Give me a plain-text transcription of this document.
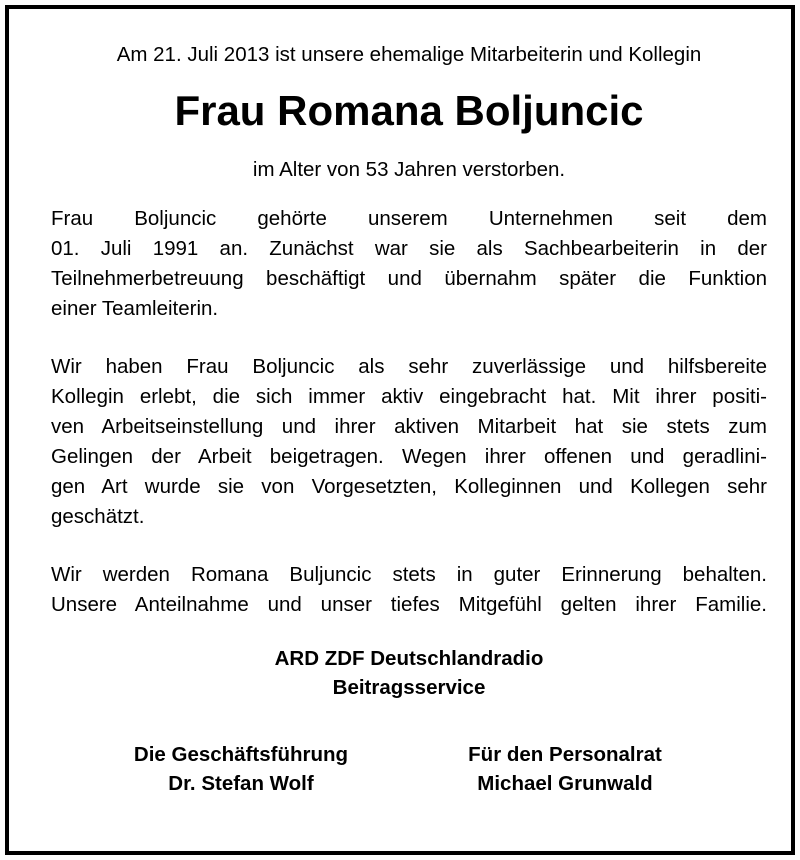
Am 21. Juli 2013 ist unsere ehemalige Mitarbeiterin und Kollegin
Frau Romana Boljuncic
im Alter von 53 Jahren verstorben.
Frau Boljuncic gehörte unserem Unternehmen seit dem
01. Juli 1991 an. Zunächst war sie als Sachbearbeiterin in der
Teilnehmerbetreuung beschäftigt und übernahm später die Funktion
einer Teamleiterin.
Wir haben Frau Boljuncic als sehr zuverlässige und hilfsbereite
Kollegin erlebt, die sich immer aktiv eingebracht hat. Mit ihrer positi-
ven Arbeitseinstellung und ihrer aktiven Mitarbeit hat sie stets zum
Gelingen der Arbeit beigetragen. Wegen ihrer offenen und geradlini-
gen Art wurde sie von Vorgesetzten, Kolleginnen und Kollegen sehr
geschätzt.
Wir werden Romana Buljuncic stets in guter Erinnerung behalten.
Unsere Anteilnahme und unser tiefes Mitgefühl gelten ihrer Familie.
ARD ZDF Deutschlandradio
Beitragsservice
Die Geschäftsführung
Dr. Stefan Wolf
Für den Personalrat
Michael Grunwald
